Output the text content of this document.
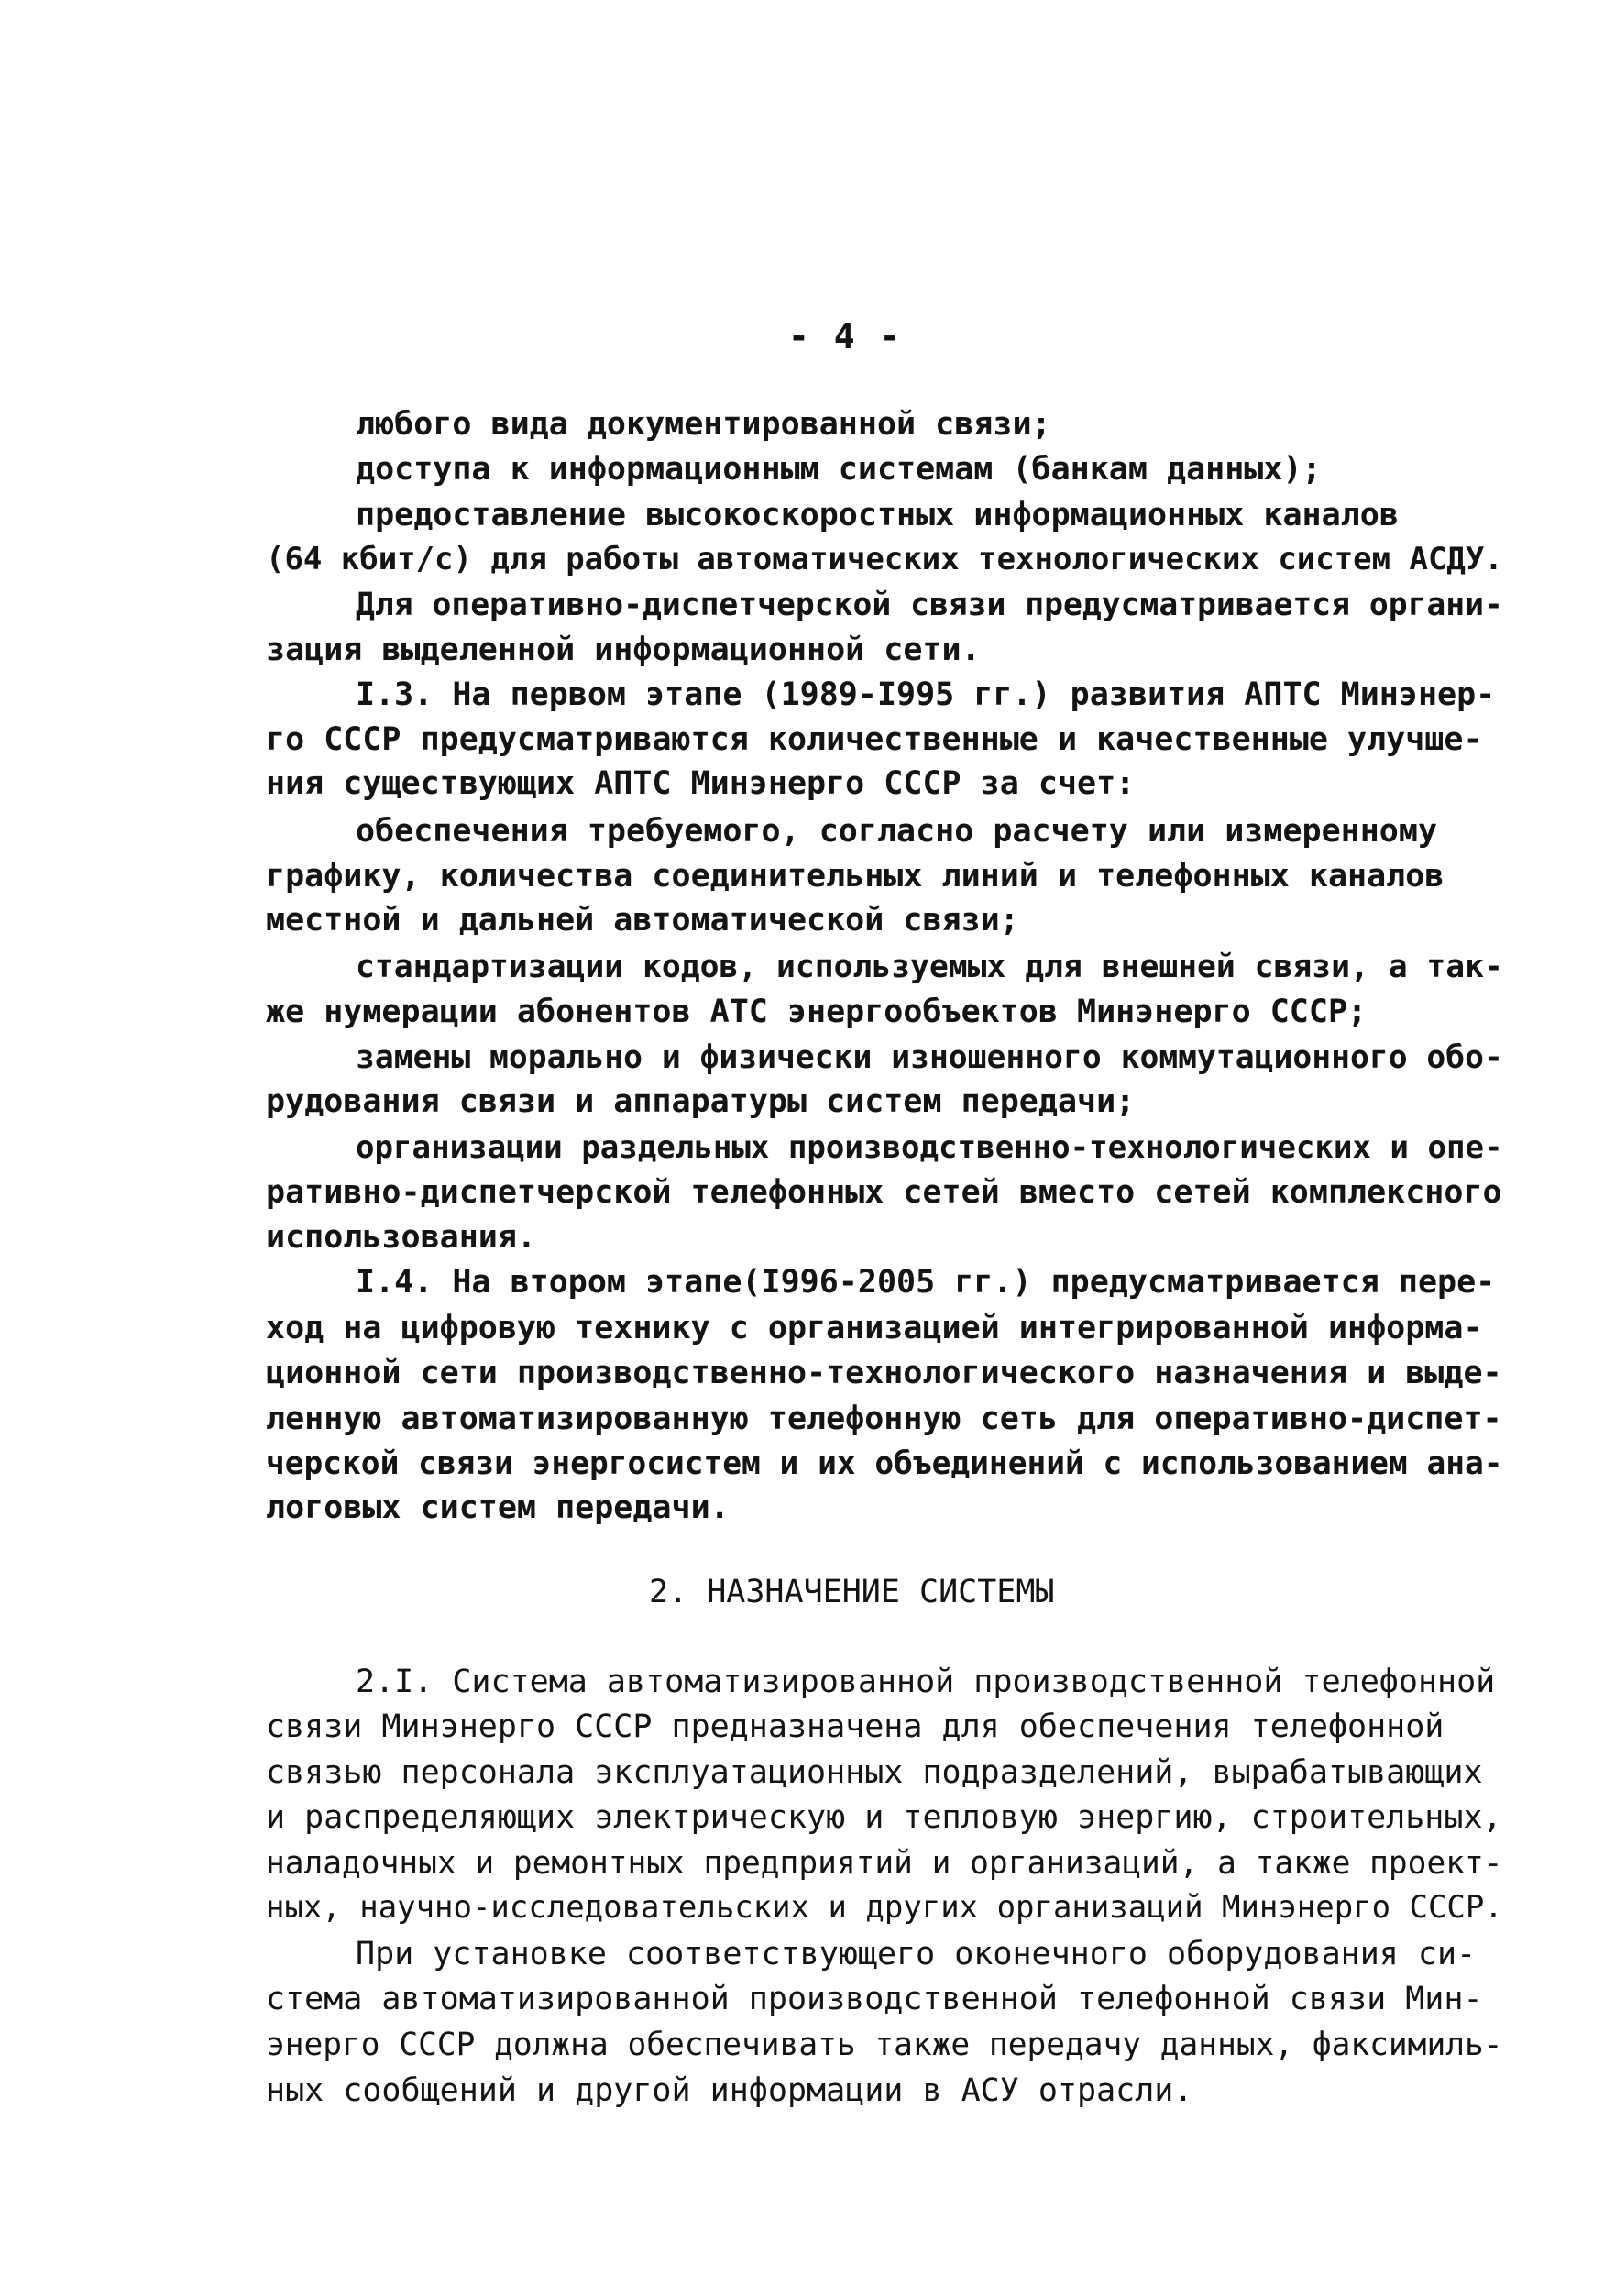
- 4 -
любого вида документированной связи;
доступа к информационным системам (банкам данных);
предоставление высокоскоростных информационных каналов
(64 кбит/с) для работы автоматических технологических систем АСДУ.
Для оперативно-диспетчерской связи предусматривается органи-
зация выделенной информационной сети.
I.3. На первом этапе (1989-I995 гг.) развития АПТС Минэнер-
го СССР предусматриваются количественные и качественные улучше-
ния существующих АПТС Минэнерго СССР за счет:
обеспечения требуемого, согласно расчету или измеренному
графику, количества соединительных линий и телефонных каналов
местной и дальней автоматической связи;
стандартизации кодов, используемых для внешней связи, а так-
же нумерации абонентов АТС энергообъектов Минэнерго СССР;
замены морально и физически изношенного коммутационного обо-
рудования связи и аппаратуры систем передачи;
организации раздельных производственно-технологических и опе-
ративно-диспетчерской телефонных сетей вместо сетей комплексного
использования.
I.4. На втором этапе(I996-2005 гг.) предусматривается пере-
ход на цифровую технику с организацией интегрированной информа-
ционной сети производственно-технологического назначения и выде-
ленную автоматизированную телефонную сеть для оперативно-диспет-
черской связи энергосистем и их объединений с использованием ана-
логовых систем передачи.
2. НАЗНАЧЕНИЕ СИСТЕМЫ
2.I. Система автоматизированной производственной телефонной
связи Минэнерго СССР предназначена для обеспечения телефонной
связью персонала эксплуатационных подразделений, вырабатывающих
и распределяющих электрическую и тепловую энергию, строительных,
наладочных и ремонтных предприятий и организаций, а также проект-
ных, научно-исследовательских и других организаций Минэнерго СССР.
При установке соответствующего оконечного оборудования си-
стема автоматизированной производственной телефонной связи Мин-
энерго СССР должна обеспечивать также передачу данных, факсимиль-
ных сообщений и другой информации в АСУ отрасли.
